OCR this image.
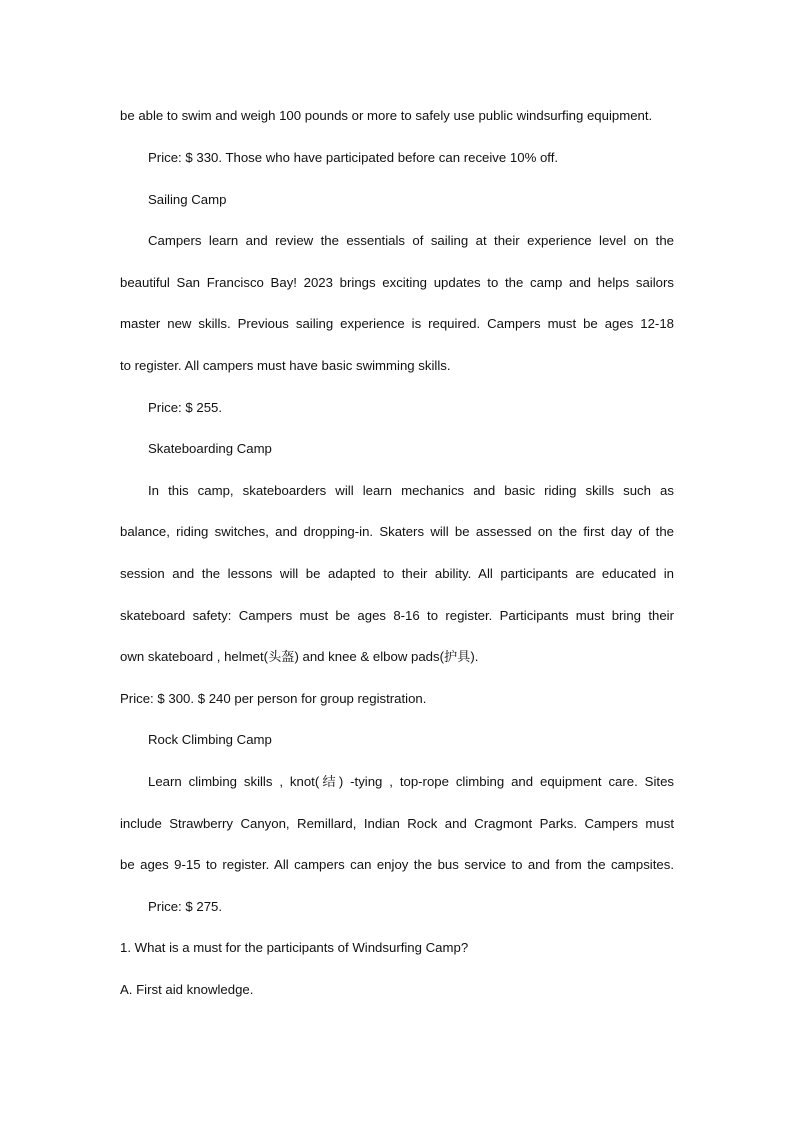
be able to swim and weigh 100 pounds or more to safely use public windsurfing equipment.
Price: $ 330. Those who have participated before can receive 10% off.
Sailing Camp
Campers learn and review the essentials of sailing at their experience level on the
beautiful San Francisco Bay! 2023 brings exciting updates to the camp and helps sailors
master new skills. Previous sailing experience is required. Campers must be ages 12-18
to register. All campers must have basic swimming skills.
Price: $ 255.
Skateboarding Camp
In this camp, skateboarders will learn mechanics and basic riding skills such as
balance, riding switches, and dropping-in. Skaters will be assessed on the first day of the
session and the lessons will be adapted to their ability. All participants are educated in
skateboard safety: Campers must be ages 8-16 to register. Participants must bring their
own skateboard , helmet(头盔) and knee & elbow pads(护具).
Price: $ 300. $ 240 per person for group registration.
Rock Climbing Camp
Learn climbing skills , knot(结) -tying , top-rope climbing and equipment care. Sites
include Strawberry Canyon, Remillard, Indian Rock and Cragmont Parks. Campers must
be ages 9-15 to register. All campers can enjoy the bus service to and from the campsites.
Price: $ 275.
1. What is a must for the participants of Windsurfing Camp?
A. First aid knowledge.
